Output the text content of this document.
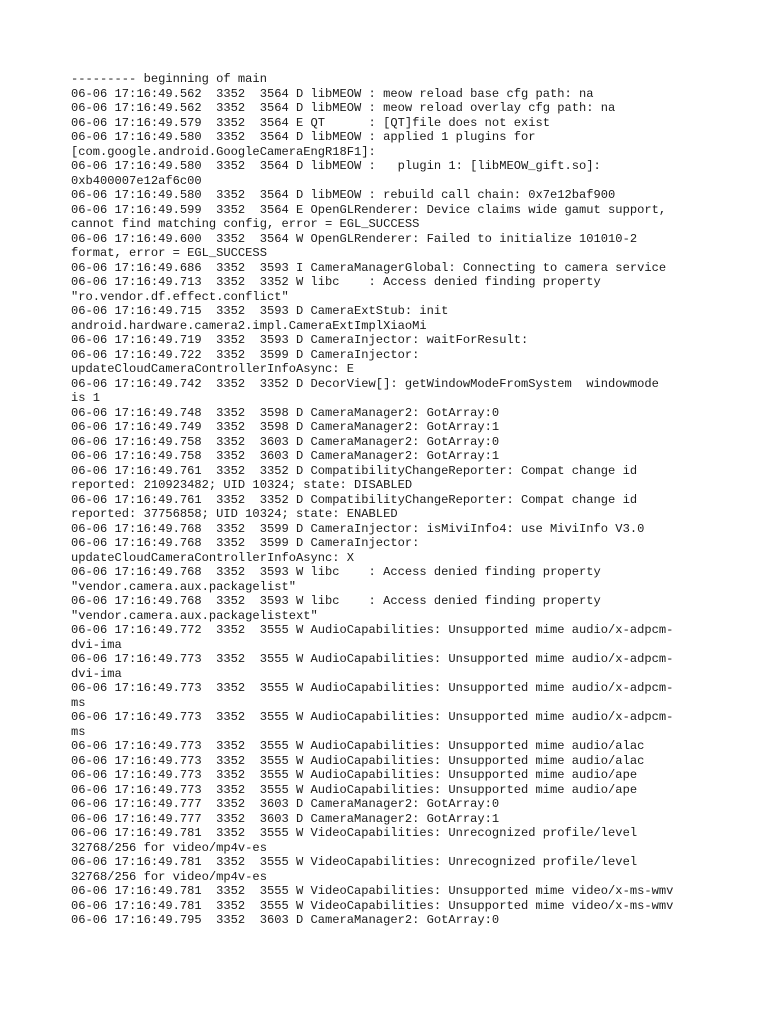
--------- beginning of main
06-06 17:16:49.562  3352  3564 D libMEOW : meow reload base cfg path: na
06-06 17:16:49.562  3352  3564 D libMEOW : meow reload overlay cfg path: na
06-06 17:16:49.579  3352  3564 E QT      : [QT]file does not exist
06-06 17:16:49.580  3352  3564 D libMEOW : applied 1 plugins for
[com.google.android.GoogleCameraEngR18F1]:
06-06 17:16:49.580  3352  3564 D libMEOW :   plugin 1: [libMEOW_gift.so]:
0xb400007e12af6c00
06-06 17:16:49.580  3352  3564 D libMEOW : rebuild call chain: 0x7e12baf900
06-06 17:16:49.599  3352  3564 E OpenGLRenderer: Device claims wide gamut support,
cannot find matching config, error = EGL_SUCCESS
06-06 17:16:49.600  3352  3564 W OpenGLRenderer: Failed to initialize 101010-2
format, error = EGL_SUCCESS
06-06 17:16:49.686  3352  3593 I CameraManagerGlobal: Connecting to camera service
06-06 17:16:49.713  3352  3352 W libc    : Access denied finding property
"ro.vendor.df.effect.conflict"
06-06 17:16:49.715  3352  3593 D CameraExtStub: init
android.hardware.camera2.impl.CameraExtImplXiaoMi
06-06 17:16:49.719  3352  3593 D CameraInjector: waitForResult:
06-06 17:16:49.722  3352  3599 D CameraInjector:
updateCloudCameraControllerInfoAsync: E
06-06 17:16:49.742  3352  3352 D DecorView[]: getWindowModeFromSystem  windowmode
is 1
06-06 17:16:49.748  3352  3598 D CameraManager2: GotArray:0
06-06 17:16:49.749  3352  3598 D CameraManager2: GotArray:1
06-06 17:16:49.758  3352  3603 D CameraManager2: GotArray:0
06-06 17:16:49.758  3352  3603 D CameraManager2: GotArray:1
06-06 17:16:49.761  3352  3352 D CompatibilityChangeReporter: Compat change id
reported: 210923482; UID 10324; state: DISABLED
06-06 17:16:49.761  3352  3352 D CompatibilityChangeReporter: Compat change id
reported: 37756858; UID 10324; state: ENABLED
06-06 17:16:49.768  3352  3599 D CameraInjector: isMiviInfo4: use MiviInfo V3.0
06-06 17:16:49.768  3352  3599 D CameraInjector:
updateCloudCameraControllerInfoAsync: X
06-06 17:16:49.768  3352  3593 W libc    : Access denied finding property
"vendor.camera.aux.packagelist"
06-06 17:16:49.768  3352  3593 W libc    : Access denied finding property
"vendor.camera.aux.packagelistext"
06-06 17:16:49.772  3352  3555 W AudioCapabilities: Unsupported mime audio/x-adpcm-
dvi-ima
06-06 17:16:49.773  3352  3555 W AudioCapabilities: Unsupported mime audio/x-adpcm-
dvi-ima
06-06 17:16:49.773  3352  3555 W AudioCapabilities: Unsupported mime audio/x-adpcm-
ms
06-06 17:16:49.773  3352  3555 W AudioCapabilities: Unsupported mime audio/x-adpcm-
ms
06-06 17:16:49.773  3352  3555 W AudioCapabilities: Unsupported mime audio/alac
06-06 17:16:49.773  3352  3555 W AudioCapabilities: Unsupported mime audio/alac
06-06 17:16:49.773  3352  3555 W AudioCapabilities: Unsupported mime audio/ape
06-06 17:16:49.773  3352  3555 W AudioCapabilities: Unsupported mime audio/ape
06-06 17:16:49.777  3352  3603 D CameraManager2: GotArray:0
06-06 17:16:49.777  3352  3603 D CameraManager2: GotArray:1
06-06 17:16:49.781  3352  3555 W VideoCapabilities: Unrecognized profile/level
32768/256 for video/mp4v-es
06-06 17:16:49.781  3352  3555 W VideoCapabilities: Unrecognized profile/level
32768/256 for video/mp4v-es
06-06 17:16:49.781  3352  3555 W VideoCapabilities: Unsupported mime video/x-ms-wmv
06-06 17:16:49.781  3352  3555 W VideoCapabilities: Unsupported mime video/x-ms-wmv
06-06 17:16:49.795  3352  3603 D CameraManager2: GotArray:0
